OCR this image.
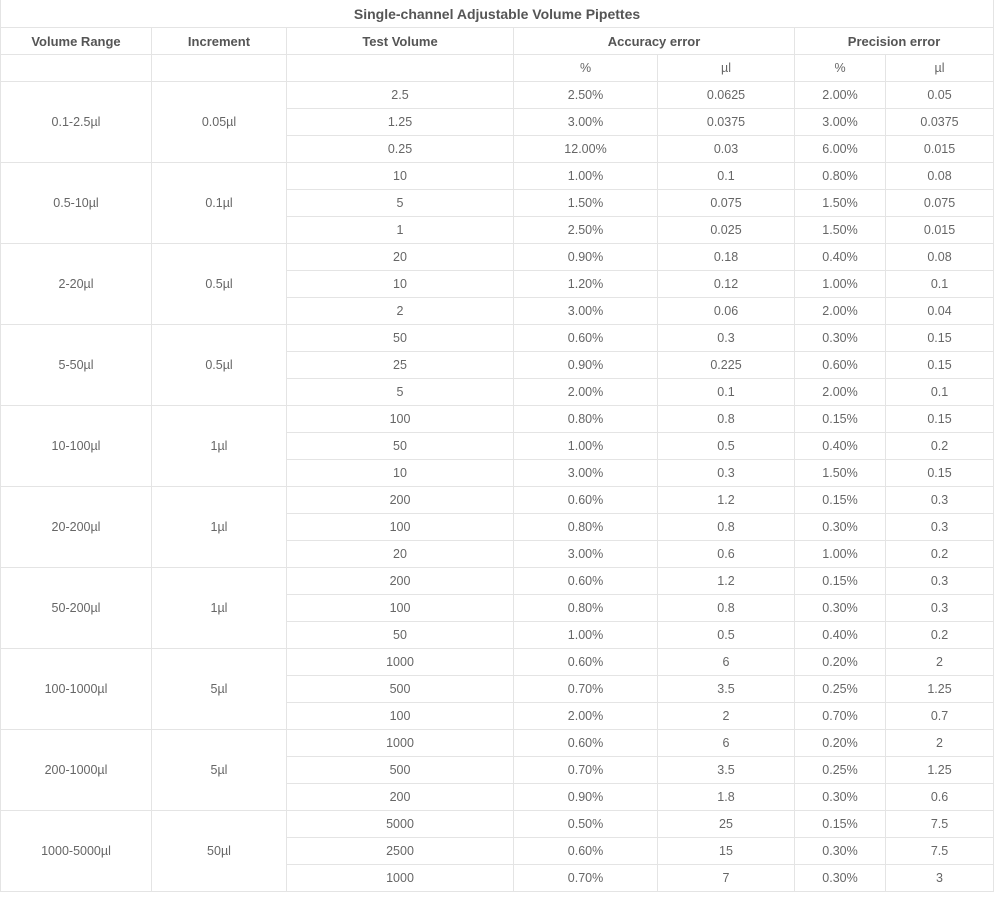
Single-channel Adjustable Volume Pipettes						
Volume Range	Increment	Test Volume	Accuracy error		Precision error	
			%	µl	%	µl
0.1-2.5µl	0.05µl	2.5	2.50%	0.0625	2.00%	0.05
		1.25	3.00%	0.0375	3.00%	0.0375
		0.25	12.00%	0.03	6.00%	0.015
0.5-10µl	0.1µl	10	1.00%	0.1	0.80%	0.08
		5	1.50%	0.075	1.50%	0.075
		1	2.50%	0.025	1.50%	0.015
2-20µl	0.5µl	20	0.90%	0.18	0.40%	0.08
		10	1.20%	0.12	1.00%	0.1
		2	3.00%	0.06	2.00%	0.04
5-50µl	0.5µl	50	0.60%	0.3	0.30%	0.15
		25	0.90%	0.225	0.60%	0.15
		5	2.00%	0.1	2.00%	0.1
10-100µl	1µl	100	0.80%	0.8	0.15%	0.15
		50	1.00%	0.5	0.40%	0.2
		10	3.00%	0.3	1.50%	0.15
20-200µl	1µl	200	0.60%	1.2	0.15%	0.3
		100	0.80%	0.8	0.30%	0.3
		20	3.00%	0.6	1.00%	0.2
50-200µl	1µl	200	0.60%	1.2	0.15%	0.3
		100	0.80%	0.8	0.30%	0.3
		50	1.00%	0.5	0.40%	0.2
100-1000µl	5µl	1000	0.60%	6	0.20%	2
		500	0.70%	3.5	0.25%	1.25
		100	2.00%	2	0.70%	0.7
200-1000µl	5µl	1000	0.60%	6	0.20%	2
		500	0.70%	3.5	0.25%	1.25
		200	0.90%	1.8	0.30%	0.6
1000-5000µl	50µl	5000	0.50%	25	0.15%	7.5
		2500	0.60%	15	0.30%	7.5
		1000	0.70%	7	0.30%	3
